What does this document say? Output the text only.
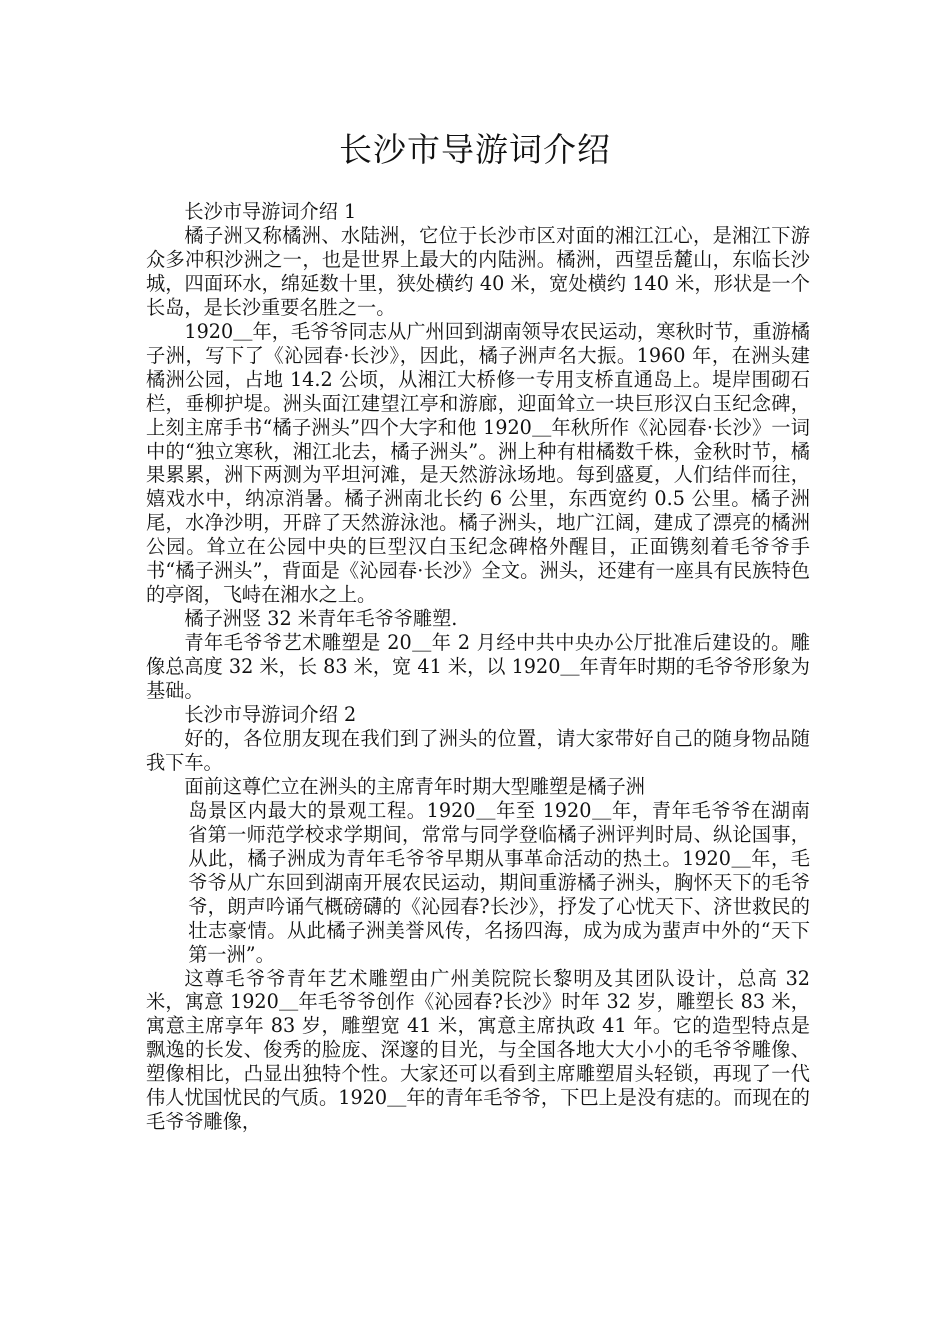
长沙市导游词介绍

长沙市导游词介绍 1

橘子洲又称橘洲、水陆洲，它位于长沙市区对面的湘江江心，是湘江下游众多冲积沙洲之一，也是世界上最大的内陆洲。橘洲，西望岳麓山，东临长沙城，四面环水，绵延数十里，狭处横约 40 米，宽处横约 140 米，形状是一个长岛，是长沙重要名胜之一。

1920＿年，毛爷爷同志从广州回到湖南领导农民运动，寒秋时节，重游橘子洲，写下了《沁园春·长沙》，因此，橘子洲声名大振。1960 年，在洲头建橘洲公园，占地 14.2 公顷，从湘江大桥修一专用支桥直通岛上。堤岸围砌石栏，垂柳护堤。洲头面江建望江亭和游廊，迎面耸立一块巨形汉白玉纪念碑，上刻主席手书“橘子洲头”四个大字和他 1920＿年秋所作《沁园春·长沙》一词中的“独立寒秋，湘江北去，橘子洲头”。洲上种有柑橘数千株，金秋时节，橘果累累，洲下两测为平坦河滩，是天然游泳场地。每到盛夏，人们结伴而往，嬉戏水中，纳凉消暑。橘子洲南北长约 6 公里，东西宽约 0.5 公里。橘子洲尾，水净沙明，开辟了天然游泳池。橘子洲头，地广江阔，建成了漂亮的橘洲公园。耸立在公园中央的巨型汉白玉纪念碑格外醒目，正面镌刻着毛爷爷手书“橘子洲头”，背面是《沁园春·长沙》全文。洲头，还建有一座具有民族特色的亭阁，飞峙在湘水之上。

橘子洲竖 32 米青年毛爷爷雕塑.

青年毛爷爷艺术雕塑是 20＿年 2 月经中共中央办公厅批准后建设的。雕像总高度 32 米，长 83 米，宽 41 米，以 1920＿年青年时期的毛爷爷形象为基础。

长沙市导游词介绍 2

好的，各位朋友现在我们到了洲头的位置，请大家带好自己的随身物品随我下车。

面前这尊伫立在洲头的主席青年时期大型雕塑是橘子洲

岛景区内最大的景观工程。1920＿年至 1920＿年，青年毛爷爷在湖南省第一师范学校求学期间，常常与同学登临橘子洲评判时局、纵论国事，从此，橘子洲成为青年毛爷爷早期从事革命活动的热土。1920＿年，毛爷爷从广东回到湖南开展农民运动，期间重游橘子洲头，胸怀天下的毛爷爷，朗声吟诵气概磅礴的《沁园春?长沙》，抒发了心忧天下、济世救民的壮志豪情。从此橘子洲美誉风传，名扬四海，成为成为蜚声中外的“天下第一洲”。

这尊毛爷爷青年艺术雕塑由广州美院院长黎明及其团队设计，总高 32 米，寓意 1920＿年毛爷爷创作《沁园春?长沙》时年 32 岁，雕塑长 83 米，寓意主席享年 83 岁，雕塑宽 41 米，寓意主席执政 41 年。它的造型特点是飘逸的长发、俊秀的脸庞、深邃的目光，与全国各地大大小小的毛爷爷雕像、塑像相比，凸显出独特个性。大家还可以看到主席雕塑眉头轻锁，再现了一代伟人忧国忧民的气质。1920＿年的青年毛爷爷，下巴上是没有痣的。而现在的毛爷爷雕像，
